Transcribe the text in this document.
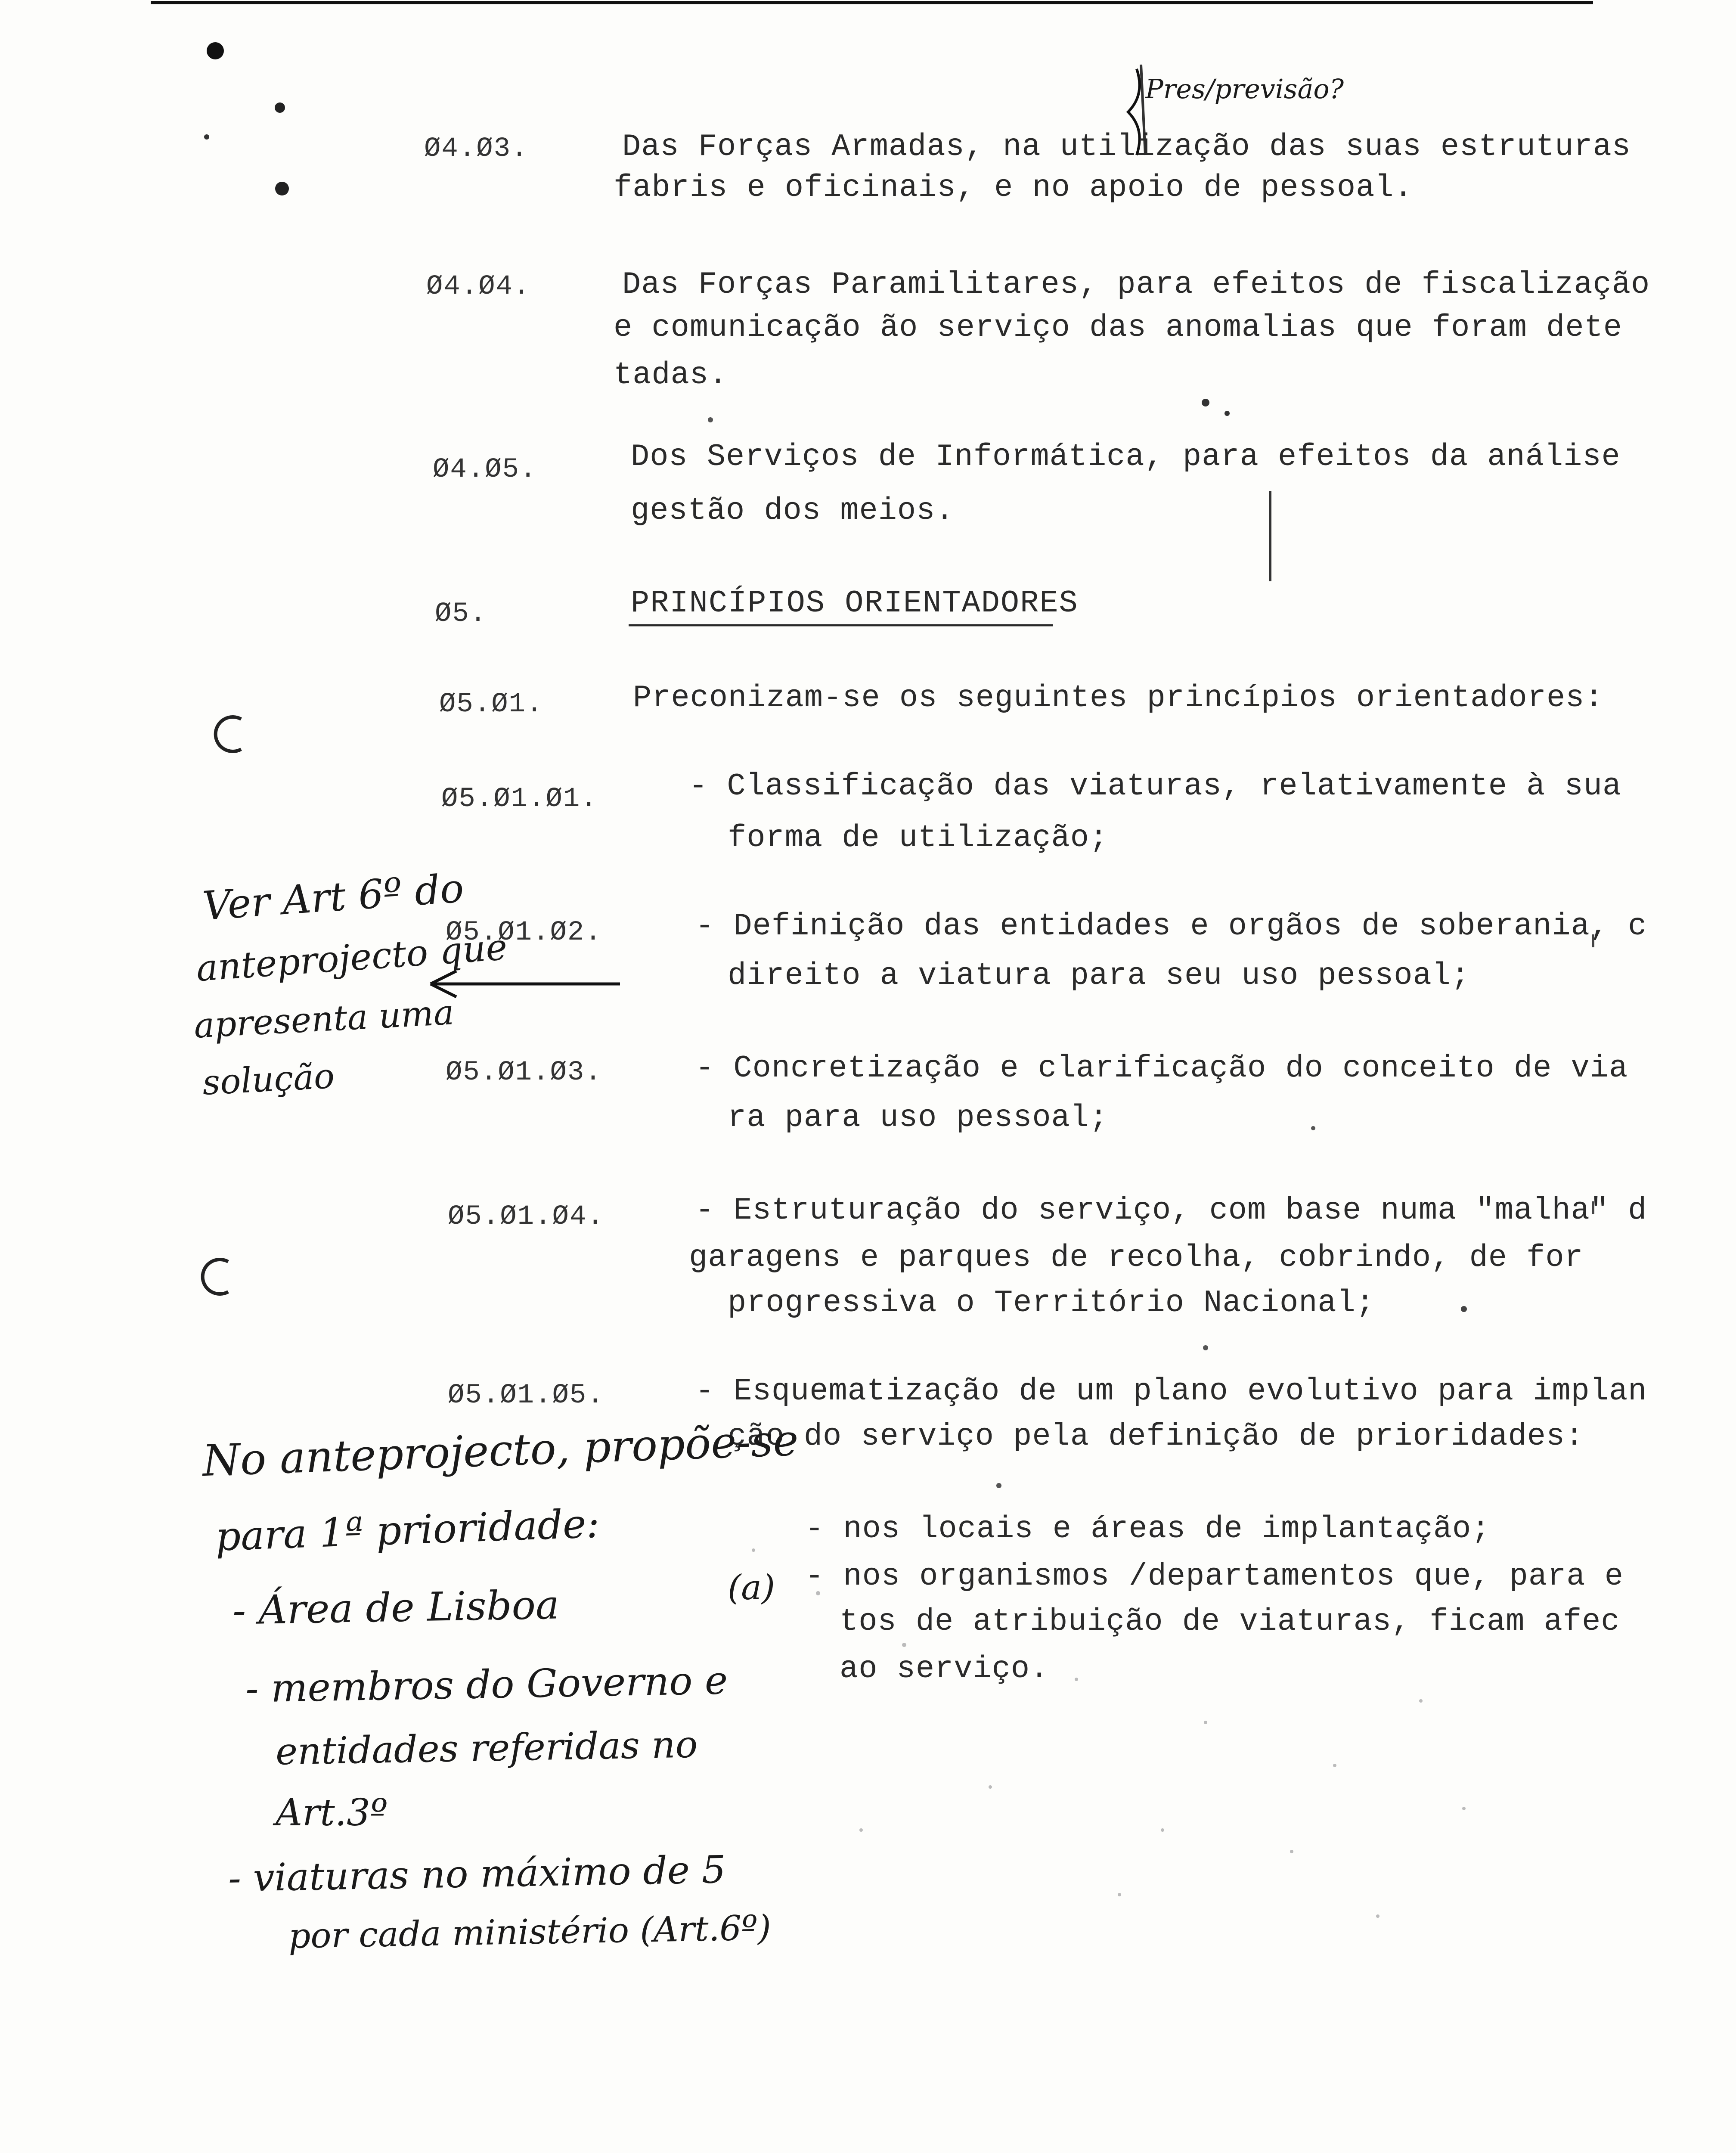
Pres/previsão?
Ø4.Ø3.	Das Forças Armadas, na utilização das suas estruturas
fabris e oficinais, e no apoio de pessoal.
Ø4.Ø4.	Das Forças Paramilitares, para efeitos de fiscalização
e comunicação ão serviço das anomalias que foram dete
tadas.
Ø4.Ø5.	Dos Serviços de Informática, para efeitos da análise
gestão dos meios.
Ø5.	PRINCÍPIOS ORIENTADORES
Ø5.Ø1.	Preconizam-se os seguintes princípios orientadores:
Ø5.Ø1.Ø1.	- Classificação das viaturas, relativamente à sua
forma de utilização;
Ø5.Ø1.Ø2.	- Definição das entidades e orgãos de soberania, c
direito a viatura para seu uso pessoal;
Ø5.Ø1.Ø3.	- Concretização e clarificação do conceito de via
ra para uso pessoal;
Ø5.Ø1.Ø4.	- Estruturação do serviço, com base numa "malha" d
garagens e parques de recolha, cobrindo, de for
progressiva o Território Nacional;
Ø5.Ø1.Ø5.	- Esquematização de um plano evolutivo para implan
ção do serviço pela definição de prioridades:
- nos locais e áreas de implantação;
- nos organismos /departamentos que, para e
tos de atribuição de viaturas, ficam afec
ao serviço.
(a)
Ver Art 6º do
anteprojecto que
apresenta uma
solução
No anteprojecto, propõe-se
para 1ª prioridade:
- Área de Lisboa
- membros do Governo e
entidades referidas no
Art.3º
- viaturas no máximo de 5
por cada ministério (Art.6º)
